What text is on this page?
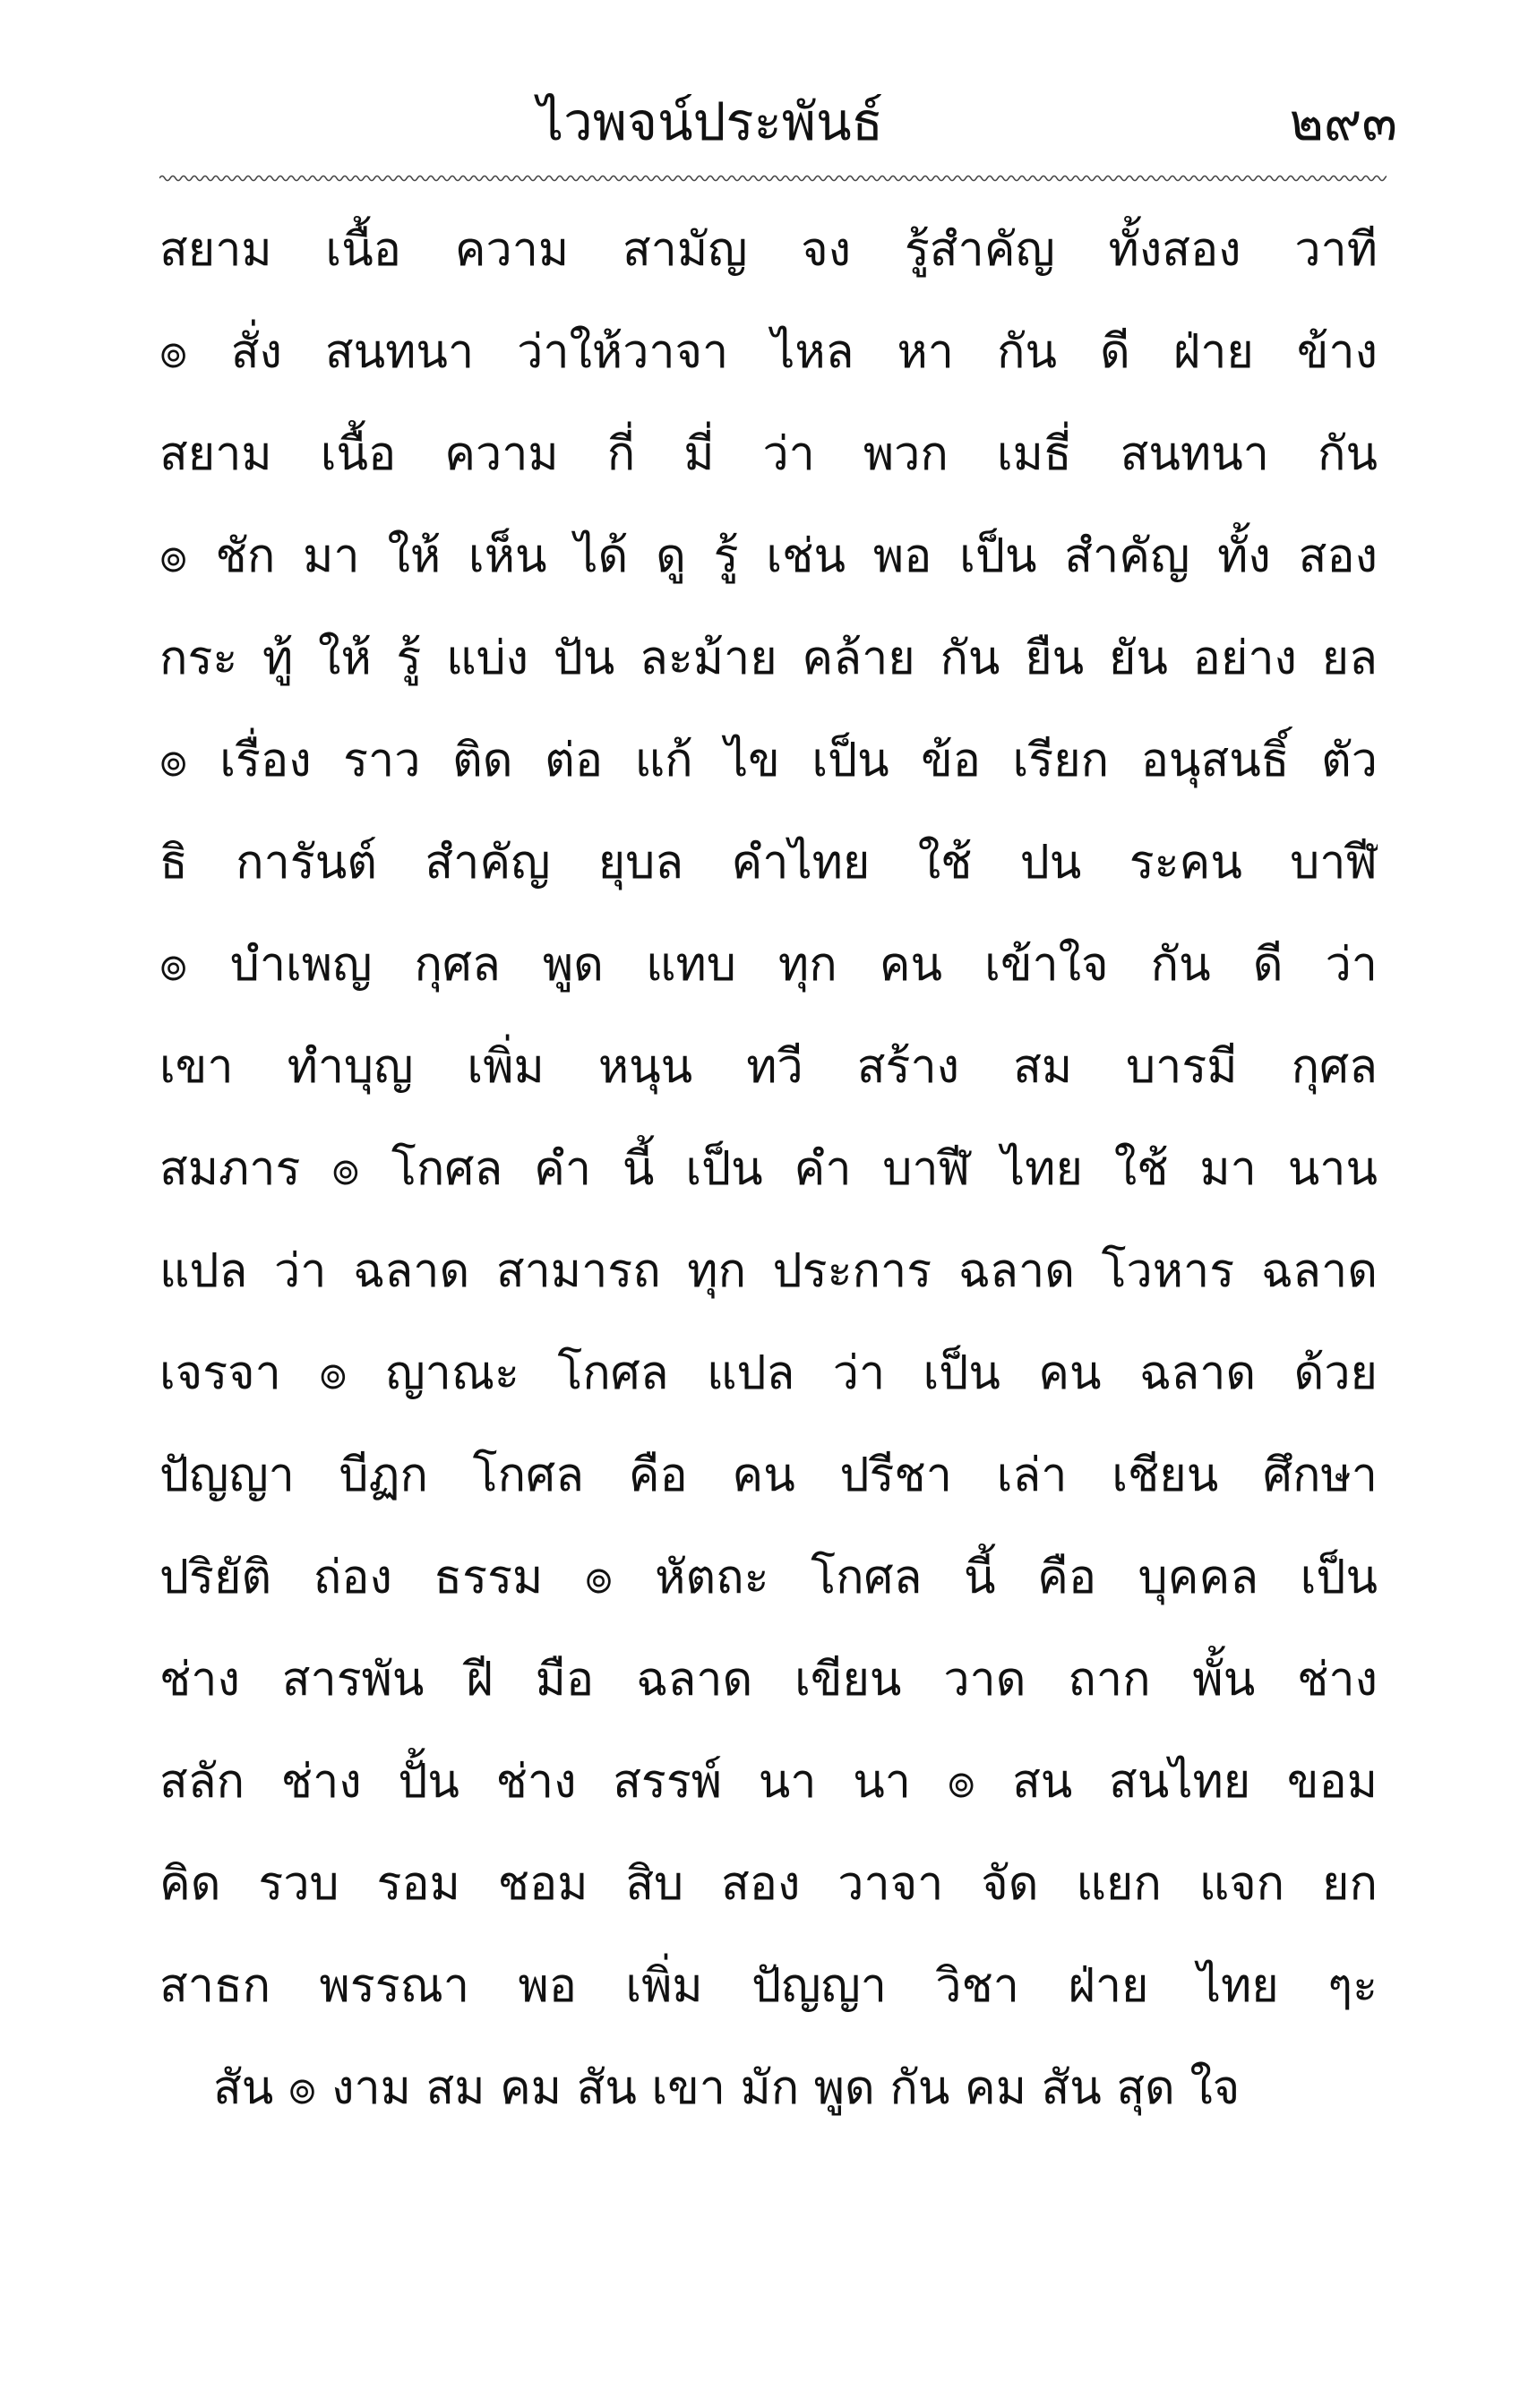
ไวพจน์ประพันธ์	๒๙๓
สยาม เนื้อ ความ สามัญ จง รู้สำคัญ ทั้งสอง วาที
๏ สั่ง สนทนา ว่าให้วาจา ไหล หา กัน ดี ฝ่าย ข้าง
สยาม เนื้อ ความ กี่ มี่ ว่า พวก เมธี่ สนทนา กัน
๏ ชัก มา ให้ เห็น ได้ ดู รู้ เช่น พอ เป็น สำคัญ ทั้ง สอง
กระ ทู้ ให้ รู้ แบ่ง ปัน ละม้าย คล้าย กัน ยืน ยัน อย่าง ยล
๏ เรื่อง ราว ติด ต่อ แก้ ไข เป็น ข้อ เรียก อนุสนธิ์ ตัว
ธิ การันต์ สำคัญ ยุบล คำไทย ใช้ ปน ระคน บาฬี
๏ บำเพญ กุศล พูด แทบ ทุก คน เข้าใจ กัน ดี ว่า
เขา ทำบุญ เพิ่ม หนุน ทวี สร้าง สม บารมี กุศล
สมภาร ๏ โกศล คำ นี้ เป็น คำ บาฬี ไทย ใช้ มา นาน
แปล ว่า ฉลาด สามารถ ทุก ประการ ฉลาด โวหาร ฉลาด
เจรจา ๏ ญาณะ โกศล แปล ว่า เป็น คน ฉลาด ด้วย
ปัญญา บีฏก โกศล คือ คน ปรีชา เล่า เชียน ศึกษา
ปริยัติ ถ่อง ธรรม ๏ หัตถะ โกศล นี้ คือ บุคคล เป็น
ช่าง สารพัน ฝี มือ ฉลาด เขียน วาด ถาก พั้น ช่าง
สลัก ช่าง ปั้น ช่าง สรรพ์ นา นา ๏ สน สนไทย ขอม
คิด รวบ รอม ชอม สิบ สอง วาจา จัด แยก แจก ยก
สาธก พรรณา พอ เพิ่ม ปัญญา วิชา ฝ่าย ไทย ๆะ
สัน ๏ งาม สม คม สัน เขา มัก พูด กัน คม สัน สุด ใจ
